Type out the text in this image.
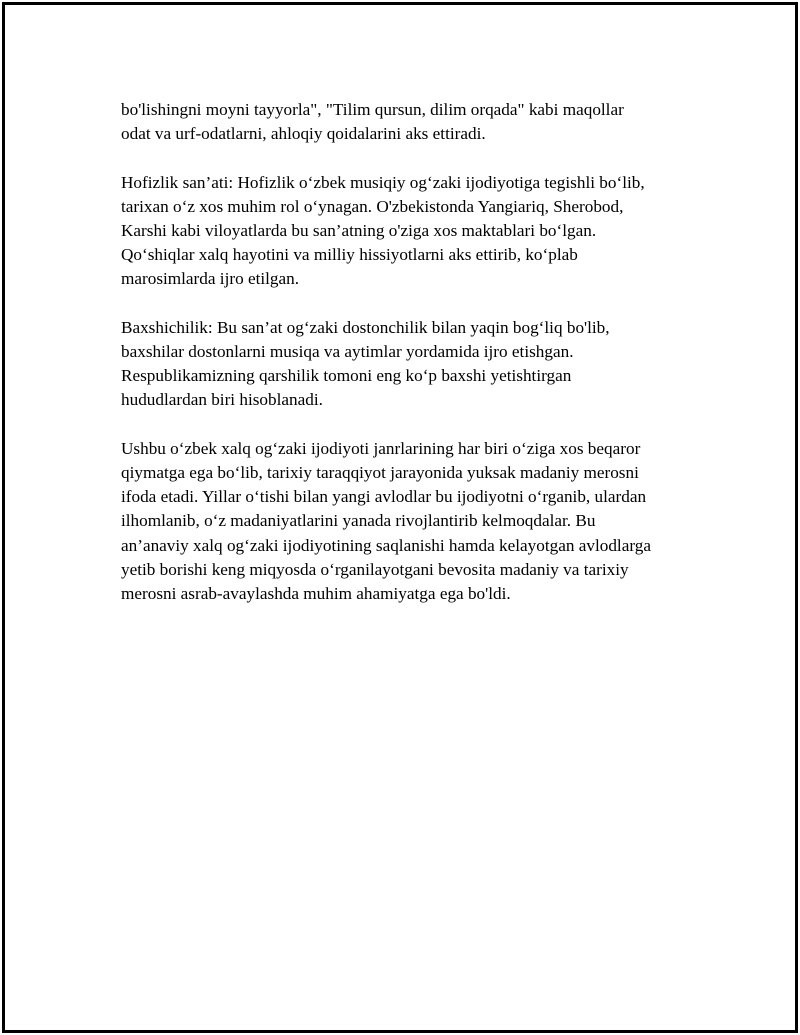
bo'lishingni moyni tayyorla", "Tilim qursun, dilim orqada" kabi maqollar
odat va urf-odatlarni, ahloqiy qoidalarini aks ettiradi.

Hofizlik san’ati: Hofizlik o‘zbek musiqiy og‘zaki ijodiyotiga tegishli bo‘lib,
tarixan o‘z xos muhim rol o‘ynagan. O'zbekistonda Yangiariq, Sherobod,
Karshi kabi viloyatlarda bu san’atning o'ziga xos maktablari bo‘lgan.
Qo‘shiqlar xalq hayotini va milliy hissiyotlarni aks ettirib, ko‘plab
marosimlarda ijro etilgan.

Baxshichilik: Bu san’at og‘zaki dostonchilik bilan yaqin bog‘liq bo'lib,
baxshilar dostonlarni musiqa va aytimlar yordamida ijro etishgan.
Respublikamizning qarshilik tomoni eng ko‘p baxshi yetishtirgan
hududlardan biri hisoblanadi.

Ushbu o‘zbek xalq og‘zaki ijodiyoti janrlarining har biri o‘ziga xos beqaror
qiymatga ega bo‘lib, tarixiy taraqqiyot jarayonida yuksak madaniy merosni
ifoda etadi. Yillar o‘tishi bilan yangi avlodlar bu ijodiyotni o‘rganib, ulardan
ilhomlanib, o‘z madaniyatlarini yanada rivojlantirib kelmoqdalar. Bu
an’anaviy xalq og‘zaki ijodiyotining saqlanishi hamda kelayotgan avlodlarga
yetib borishi keng miqyosda o‘rganilayotgani bevosita madaniy va tarixiy
merosni asrab-avaylashda muhim ahamiyatga ega bo'ldi.
